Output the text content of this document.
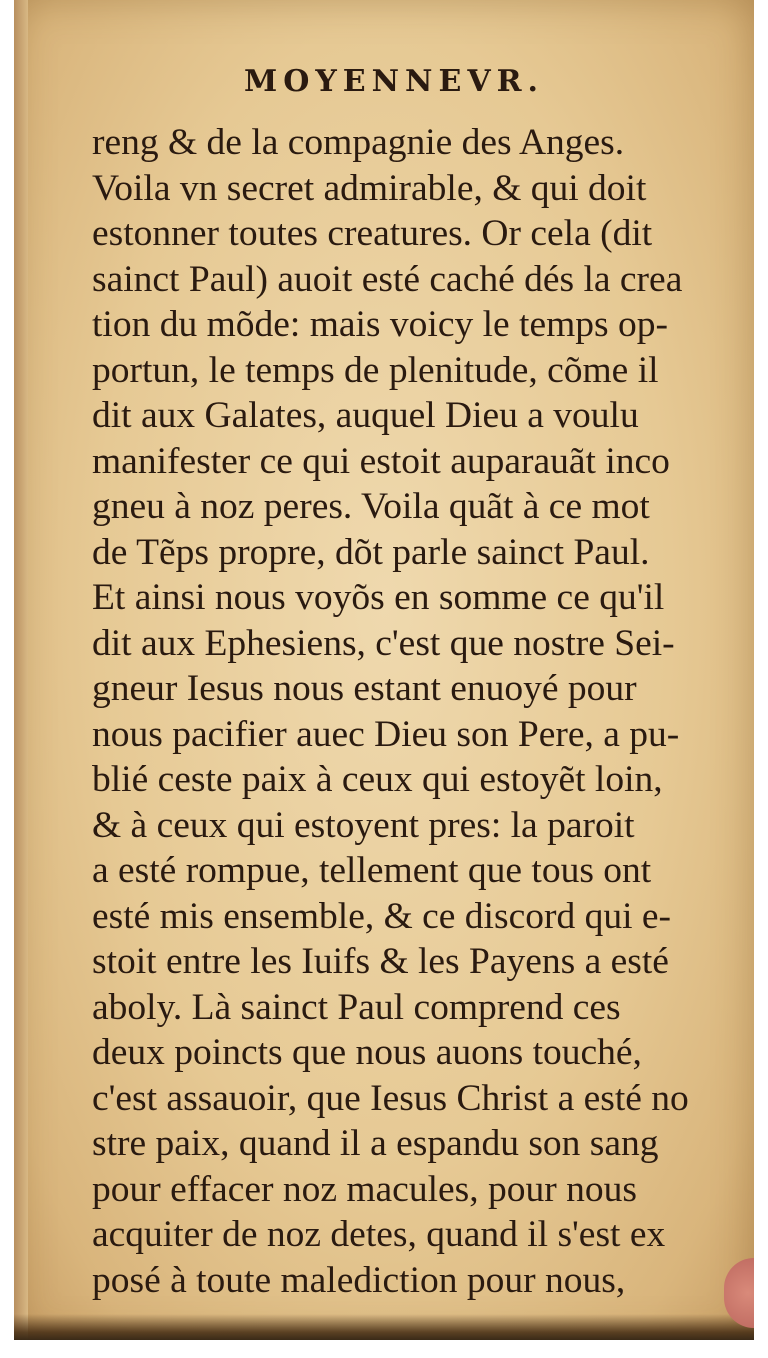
MOYENNEVR.
reng & de la compagnie des Anges.
Voila vn secret admirable, & qui doit
estonner toutes creatures. Or cela (dit
sainct Paul) auoit esté caché dés la crea
tion du mõde: mais voicy le temps op-
portun, le temps de plenitude, cõme il
dit aux Galates, auquel Dieu a voulu
manifester ce qui estoit auparauãt inco
gneu à noz peres. Voila quãt à ce mot
de Tẽps propre, dõt parle sainct Paul.
Et ainsi nous voyõs en somme ce qu'il
dit aux Ephesiens, c'est que nostre Sei-
gneur Iesus nous estant enuoyé pour
nous pacifier auec Dieu son Pere, a pu-
blié ceste paix à ceux qui estoyẽt loin,
& à ceux qui estoyent pres: la paroit
a esté rompue, tellement que tous ont
esté mis ensemble, & ce discord qui e-
stoit entre les Iuifs & les Payens a esté
aboly. Là sainct Paul comprend ces
deux poincts que nous auons touché,
c'est assauoir, que Iesus Christ a esté no
stre paix, quand il a espandu son sang
pour effacer noz macules, pour nous
acquiter de noz detes, quand il s'est ex
posé à toute malediction pour nous,
